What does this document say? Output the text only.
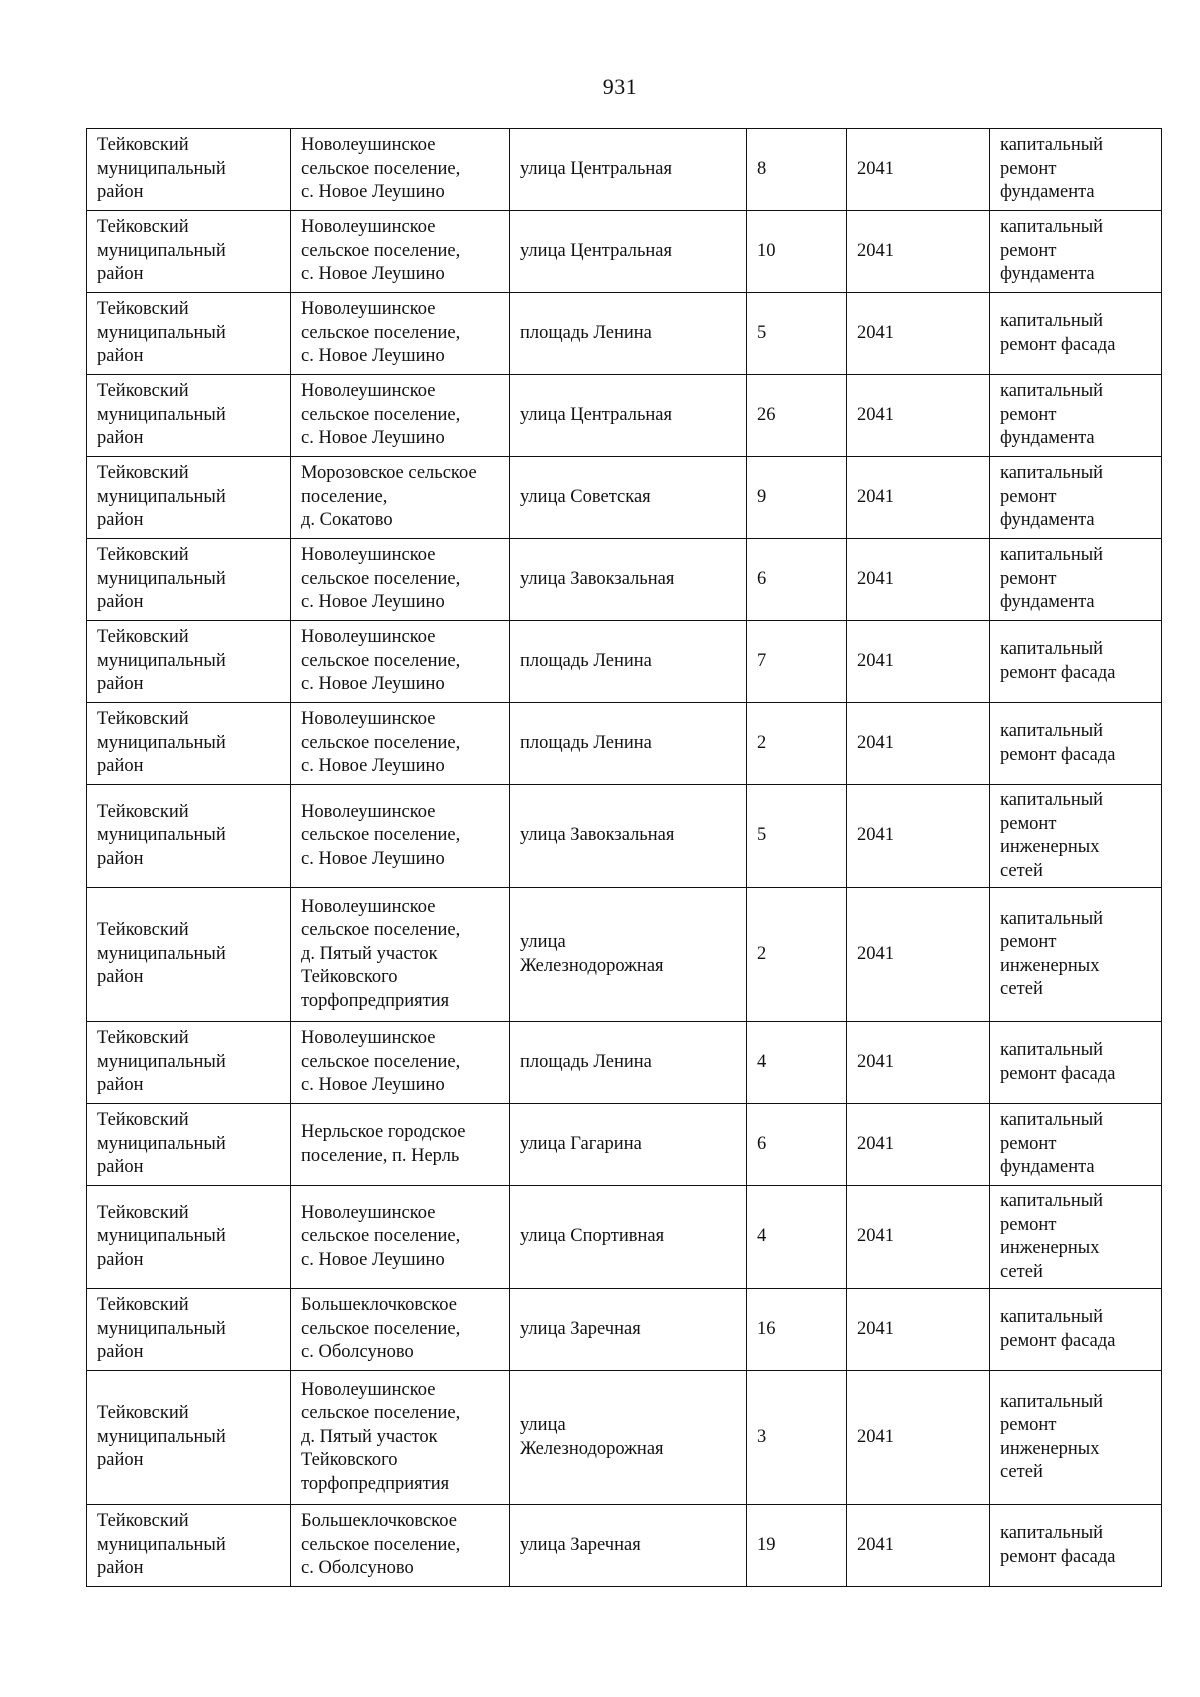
931
Тейковский
муниципальный
район	Новолеушинское
сельское поселение,
с. Новое Леушино	улица Центральная	8	2041	капитальный
ремонт
фундамента
Тейковский
муниципальный
район	Новолеушинское
сельское поселение,
с. Новое Леушино	улица Центральная	10	2041	капитальный
ремонт
фундамента
Тейковский
муниципальный
район	Новолеушинское
сельское поселение,
с. Новое Леушино	площадь Ленина	5	2041	капитальный
ремонт фасада
Тейковский
муниципальный
район	Новолеушинское
сельское поселение,
с. Новое Леушино	улица Центральная	26	2041	капитальный
ремонт
фундамента
Тейковский
муниципальный
район	Морозовское сельское
поселение,
д. Сокатово	улица Советская	9	2041	капитальный
ремонт
фундамента
Тейковский
муниципальный
район	Новолеушинское
сельское поселение,
с. Новое Леушино	улица Завокзальная	6	2041	капитальный
ремонт
фундамента
Тейковский
муниципальный
район	Новолеушинское
сельское поселение,
с. Новое Леушино	площадь Ленина	7	2041	капитальный
ремонт фасада
Тейковский
муниципальный
район	Новолеушинское
сельское поселение,
с. Новое Леушино	площадь Ленина	2	2041	капитальный
ремонт фасада
Тейковский
муниципальный
район	Новолеушинское
сельское поселение,
с. Новое Леушино	улица Завокзальная	5	2041	капитальный
ремонт
инженерных
сетей
Тейковский
муниципальный
район	Новолеушинское
сельское поселение,
д. Пятый участок
Тейковского
торфопредприятия	улица
Железнодорожная	2	2041	капитальный
ремонт
инженерных
сетей
Тейковский
муниципальный
район	Новолеушинское
сельское поселение,
с. Новое Леушино	площадь Ленина	4	2041	капитальный
ремонт фасада
Тейковский
муниципальный
район	Нерльское городское
поселение, п. Нерль	улица Гагарина	6	2041	капитальный
ремонт
фундамента
Тейковский
муниципальный
район	Новолеушинское
сельское поселение,
с. Новое Леушино	улица Спортивная	4	2041	капитальный
ремонт
инженерных
сетей
Тейковский
муниципальный
район	Большеклочковское
сельское поселение,
с. Оболсуново	улица Заречная	16	2041	капитальный
ремонт фасада
Тейковский
муниципальный
район	Новолеушинское
сельское поселение,
д. Пятый участок
Тейковского
торфопредприятия	улица
Железнодорожная	3	2041	капитальный
ремонт
инженерных
сетей
Тейковский
муниципальный
район	Большеклочковское
сельское поселение,
с. Оболсуново	улица Заречная	19	2041	капитальный
ремонт фасада
